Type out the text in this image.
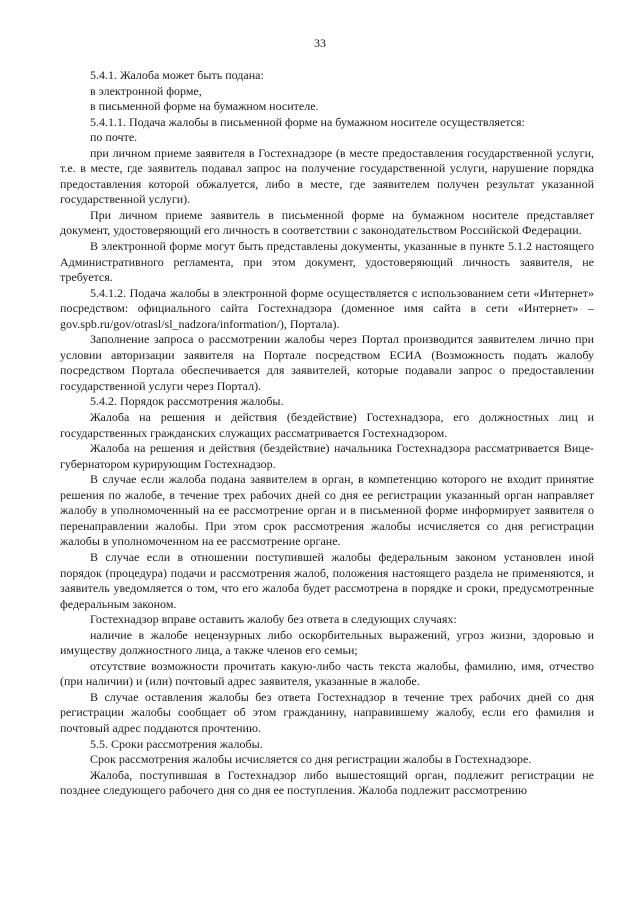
33

5.4.1. Жалоба может быть подана:

в электронной форме,

в письменной форме на бумажном носителе.

5.4.1.1. Подача жалобы в письменной форме на бумажном носителе осуществляется:

по почте.

при личном приеме заявителя в Гостехнадзоре (в месте предоставления государственной услуги, т.е. в месте, где заявитель подавал запрос на получение государственной услуги, нарушение порядка предоставления которой обжалуется, либо в месте, где заявителем получен результат указанной государственной услуги).

При личном приеме заявитель в письменной форме на бумажном носителе представляет документ, удостоверяющий его личность в соответствии с законодательством Российской Федерации.

В электронной форме могут быть представлены документы, указанные в пункте 5.1.2 настоящего Административного регламента, при этом документ, удостоверяющий личность заявителя, не требуется.

5.4.1.2. Подача жалобы в электронной форме осуществляется с использованием сети «Интернет» посредством: официального сайта Гостехнадзора (доменное имя сайта в сети «Интернет» – gov.spb.ru/gov/otrasl/sl_nadzora/information/), Портала).

Заполнение запроса о рассмотрении жалобы через Портал производится заявителем лично при условии авторизации заявителя на Портале посредством ЕСИА (Возможность подать жалобу посредством Портала обеспечивается для заявителей, которые подавали запрос о предоставлении государственной услуги через Портал).

5.4.2. Порядок рассмотрения жалобы.

Жалоба на решения и действия (бездействие) Гостехнадзора, его должностных лиц и государственных гражданских служащих рассматривается Гостехнадзором.

Жалоба на решения и действия (бездействие) начальника Гостехнадзора рассматривается Вице-губернатором курирующим Гостехнадзор.

В случае если жалоба подана заявителем в орган, в компетенцию которого не входит принятие решения по жалобе, в течение трех рабочих дней со дня ее регистрации указанный орган направляет жалобу в уполномоченный на ее рассмотрение орган и в письменной форме информирует заявителя о перенаправлении жалобы. При этом срок рассмотрения жалобы исчисляется со дня регистрации жалобы в уполномоченном на ее рассмотрение органе.

В случае если в отношении поступившей жалобы федеральным законом установлен иной порядок (процедура) подачи и рассмотрения жалоб, положения настоящего раздела не применяются, и заявитель уведомляется о том, что его жалоба будет рассмотрена в порядке и сроки, предусмотренные федеральным законом.

Гостехнадзор вправе оставить жалобу без ответа в следующих случаях:

наличие в жалобе нецензурных либо оскорбительных выражений, угроз жизни, здоровью и имуществу должностного лица, а также членов его семьи;

отсутствие возможности прочитать какую-либо часть текста жалобы, фамилию, имя, отчество (при наличии) и (или) почтовый адрес заявителя, указанные в жалобе.

В случае оставления жалобы без ответа Гостехнадзор в течение трех рабочих дней со дня регистрации жалобы сообщает об этом гражданину, направившему жалобу, если его фамилия и почтовый адрес поддаются прочтению.

5.5. Сроки рассмотрения жалобы.

Срок рассмотрения жалобы исчисляется со дня регистрации жалобы в Гостехнадзоре.

Жалоба, поступившая в Гостехнадзор либо вышестоящий орган, подлежит регистрации не позднее следующего рабочего дня со дня ее поступления. Жалоба подлежит рассмотрению
